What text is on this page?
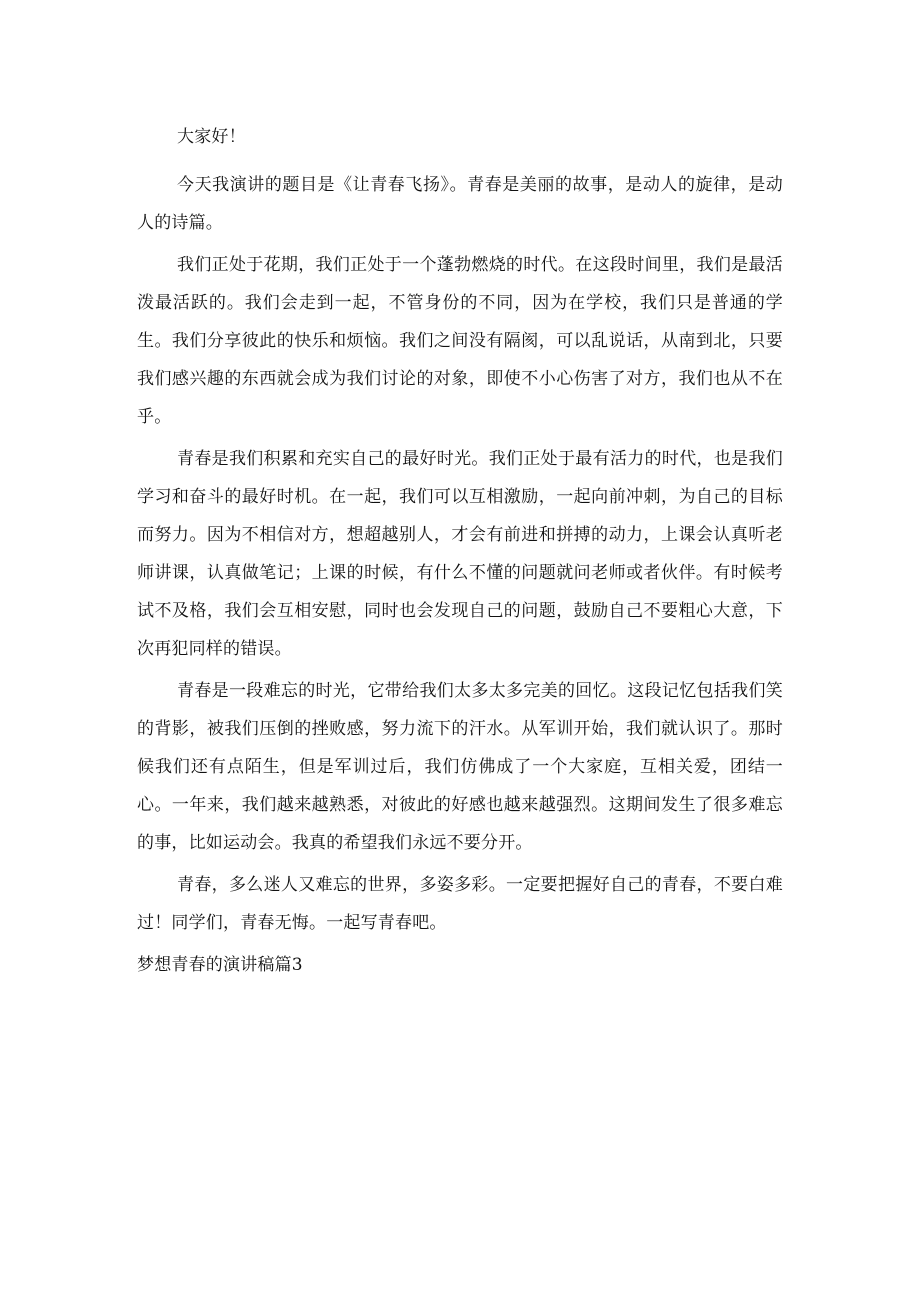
大家好！

今天我演讲的题目是《让青春飞扬》。青春是美丽的故事，是动人的旋律，是动人的诗篇。

我们正处于花期，我们正处于一个蓬勃燃烧的时代。在这段时间里，我们是最活泼最活跃的。我们会走到一起，不管身份的不同，因为在学校，我们只是普通的学生。我们分享彼此的快乐和烦恼。我们之间没有隔阂，可以乱说话，从南到北，只要我们感兴趣的东西就会成为我们讨论的对象，即使不小心伤害了对方，我们也从不在乎。

青春是我们积累和充实自己的最好时光。我们正处于最有活力的时代，也是我们学习和奋斗的最好时机。在一起，我们可以互相激励，一起向前冲刺，为自己的目标而努力。因为不相信对方，想超越别人，才会有前进和拼搏的动力，上课会认真听老师讲课，认真做笔记；上课的时候，有什么不懂的问题就问老师或者伙伴。有时候考试不及格，我们会互相安慰，同时也会发现自己的问题，鼓励自己不要粗心大意，下次再犯同样的错误。

青春是一段难忘的时光，它带给我们太多太多完美的回忆。这段记忆包括我们笑的背影，被我们压倒的挫败感，努力流下的汗水。从军训开始，我们就认识了。那时候我们还有点陌生，但是军训过后，我们仿佛成了一个大家庭，互相关爱，团结一心。一年来，我们越来越熟悉，对彼此的好感也越来越强烈。这期间发生了很多难忘的事，比如运动会。我真的希望我们永远不要分开。

青春，多么迷人又难忘的世界，多姿多彩。一定要把握好自己的青春，不要白难过！同学们，青春无悔。一起写青春吧。

梦想青春的演讲稿篇3
